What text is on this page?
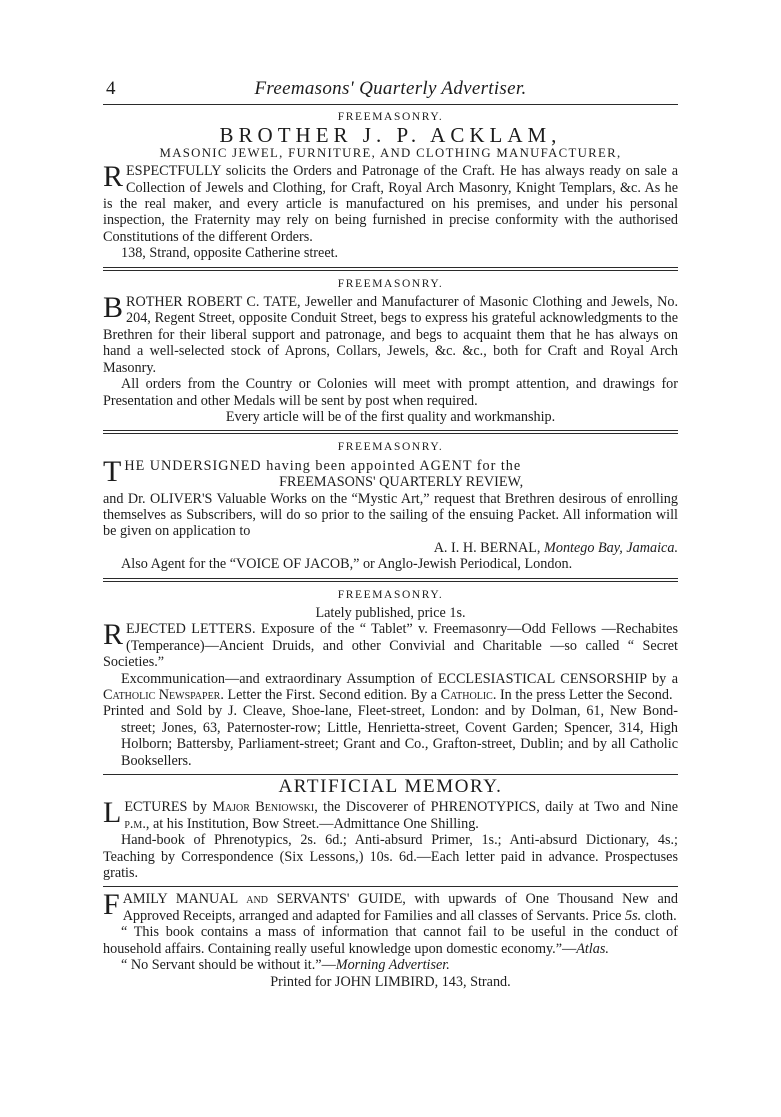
4	Freemasons' Quarterly Advertiser.
FREEMASONRY.
BROTHER J. P. ACKLAM,
MASONIC JEWEL, FURNITURE, AND CLOTHING MANUFACTURER,

R ESPECTFULLY solicits the Orders and Patronage of the Craft. He has always ready on sale a Collection of Jewels and Clothing, for Craft, Royal Arch Masonry, Knight Templars, &c. As he is the real maker, and every article is manufactured on his premises, and under his personal inspection, the Fraternity may rely on being furnished in precise conformity with the authorised Constitutions of the different Orders.

138, Strand, opposite Catherine street.

FREEMASONRY.

B ROTHER ROBERT C. TATE, Jeweller and Manufacturer of Masonic Clothing and Jewels, No. 204, Regent Street, opposite Conduit Street, begs to express his grateful acknowledgments to the Brethren for their liberal support and patronage, and begs to acquaint them that he has always on hand a well-selected stock of Aprons, Collars, Jewels, &c. &c., both for Craft and Royal Arch Masonry.

All orders from the Country or Colonies will meet with prompt attention, and drawings for Presentation and other Medals will be sent by post when required.

Every article will be of the first quality and workmanship.

FREEMASONRY.

T HE UNDERSIGNED having been appointed AGENT for the

FREEMASONS' QUARTERLY REVIEW,

and Dr. OLIVER'S Valuable Works on the “Mystic Art,” request that Brethren desirous of enrolling themselves as Subscribers, will do so prior to the sailing of the ensuing Packet. All information will be given on application to

A. I. H. BERNAL, Montego Bay, Jamaica.

Also Agent for the “VOICE OF JACOB,” or Anglo-Jewish Periodical, London.

FREEMASONRY.

Lately published, price 1s.

R EJECTED LETTERS. Exposure of the “ Tablet” v. Freemasonry—Odd Fellows —Rechabites (Temperance)—Ancient Druids, and other Convivial and Charitable —so called “ Secret Societies.”

Excommunication—and extraordinary Assumption of ECCLESIASTICAL CENSORSHIP by a Catholic Newspaper. Letter the First. Second edition. By a Catholic. In the press Letter the Second.

Printed and Sold by J. Cleave, Shoe-lane, Fleet-street, London: and by Dolman, 61, New Bond-street; Jones, 63, Paternoster-row; Little, Henrietta-street, Covent Garden; Spencer, 314, High Holborn; Battersby, Parliament-street; Grant and Co., Grafton-street, Dublin; and by all Catholic Booksellers.

ARTIFICIAL MEMORY.

L ECTURES by Major Beniowski, the Discoverer of PHRENOTYPICS, daily at Two and Nine p.m., at his Institution, Bow Street.—Admittance One Shilling.

Hand-book of Phrenotypics, 2s. 6d.; Anti-absurd Primer, 1s.; Anti-absurd Dictionary, 4s.; Teaching by Correspondence (Six Lessons,) 10s. 6d.—Each letter paid in advance. Prospectuses gratis.

F AMILY MANUAL and SERVANTS' GUIDE, with upwards of One Thousand New and Approved Receipts, arranged and adapted for Families and all classes of Servants. Price 5s. cloth.

“ This book contains a mass of information that cannot fail to be useful in the conduct of household affairs. Containing really useful knowledge upon domestic economy.”—Atlas.

“ No Servant should be without it.”—Morning Advertiser.

Printed for JOHN LIMBIRD, 143, Strand.
